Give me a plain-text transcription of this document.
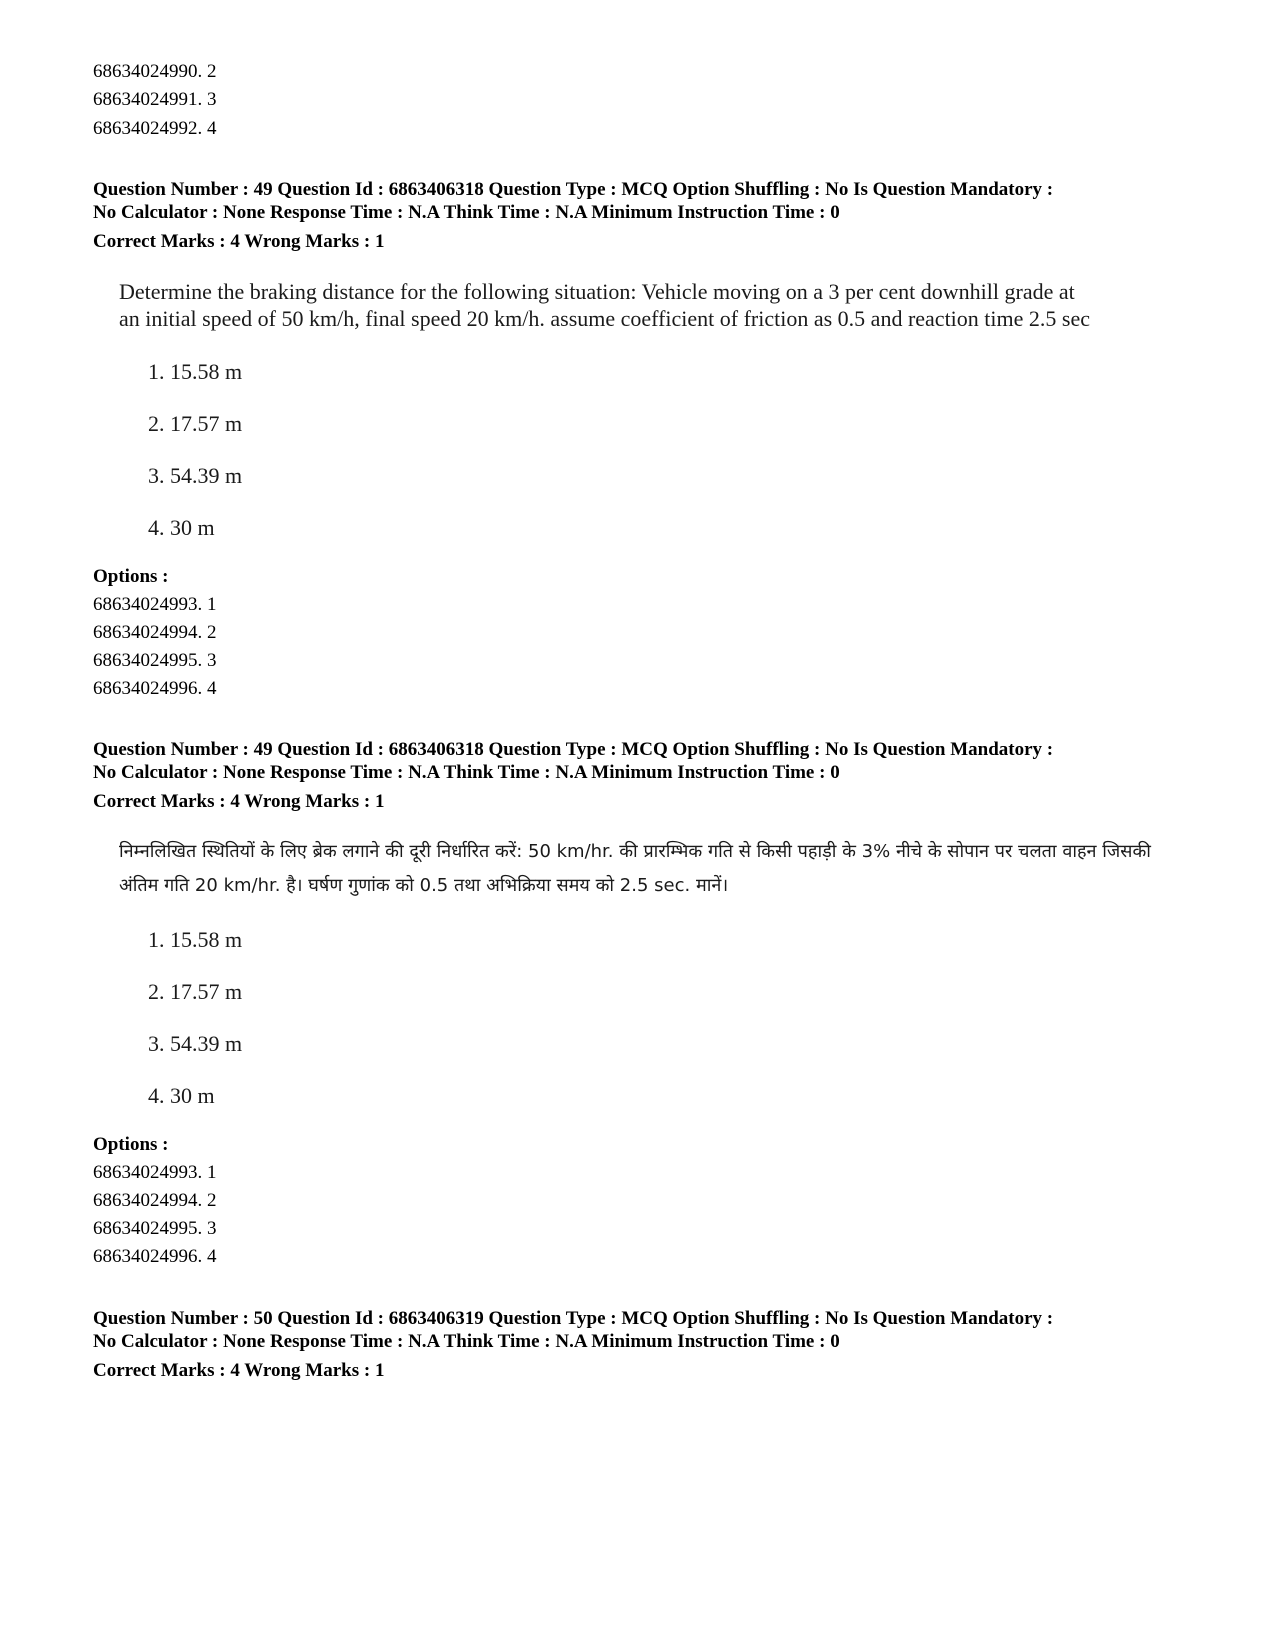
68634024990. 2
68634024991. 3
68634024992. 4
Question Number : 49 Question Id : 6863406318 Question Type : MCQ Option Shuffling : No Is Question Mandatory :
No Calculator : None Response Time : N.A Think Time : N.A Minimum Instruction Time : 0
Correct Marks : 4 Wrong Marks : 1
Determine the braking distance for the following situation: Vehicle moving on a 3 per cent downhill grade at
an initial speed of 50 km/h, final speed 20 km/h. assume coefficient of friction as 0.5 and reaction time 2.5 sec
1. 15.58 m
2. 17.57 m
3. 54.39 m
4. 30 m
Options :
68634024993. 1
68634024994. 2
68634024995. 3
68634024996. 4
Question Number : 49 Question Id : 6863406318 Question Type : MCQ Option Shuffling : No Is Question Mandatory :
No Calculator : None Response Time : N.A Think Time : N.A Minimum Instruction Time : 0
Correct Marks : 4 Wrong Marks : 1
निम्नलिखित स्थितियों के लिए ब्रेक लगाने की दूरी निर्धारित करें: 50 km/hr. की प्रारम्भिक गति से किसी पहाड़ी के 3% नीचे के सोपान पर चलता वाहन जिसकी
अंतिम गति 20 km/hr. है। घर्षण गुणांक को 0.5 तथा अभिक्रिया समय को 2.5 sec. मानें।
1. 15.58 m
2. 17.57 m
3. 54.39 m
4. 30 m
Options :
68634024993. 1
68634024994. 2
68634024995. 3
68634024996. 4
Question Number : 50 Question Id : 6863406319 Question Type : MCQ Option Shuffling : No Is Question Mandatory :
No Calculator : None Response Time : N.A Think Time : N.A Minimum Instruction Time : 0
Correct Marks : 4 Wrong Marks : 1
